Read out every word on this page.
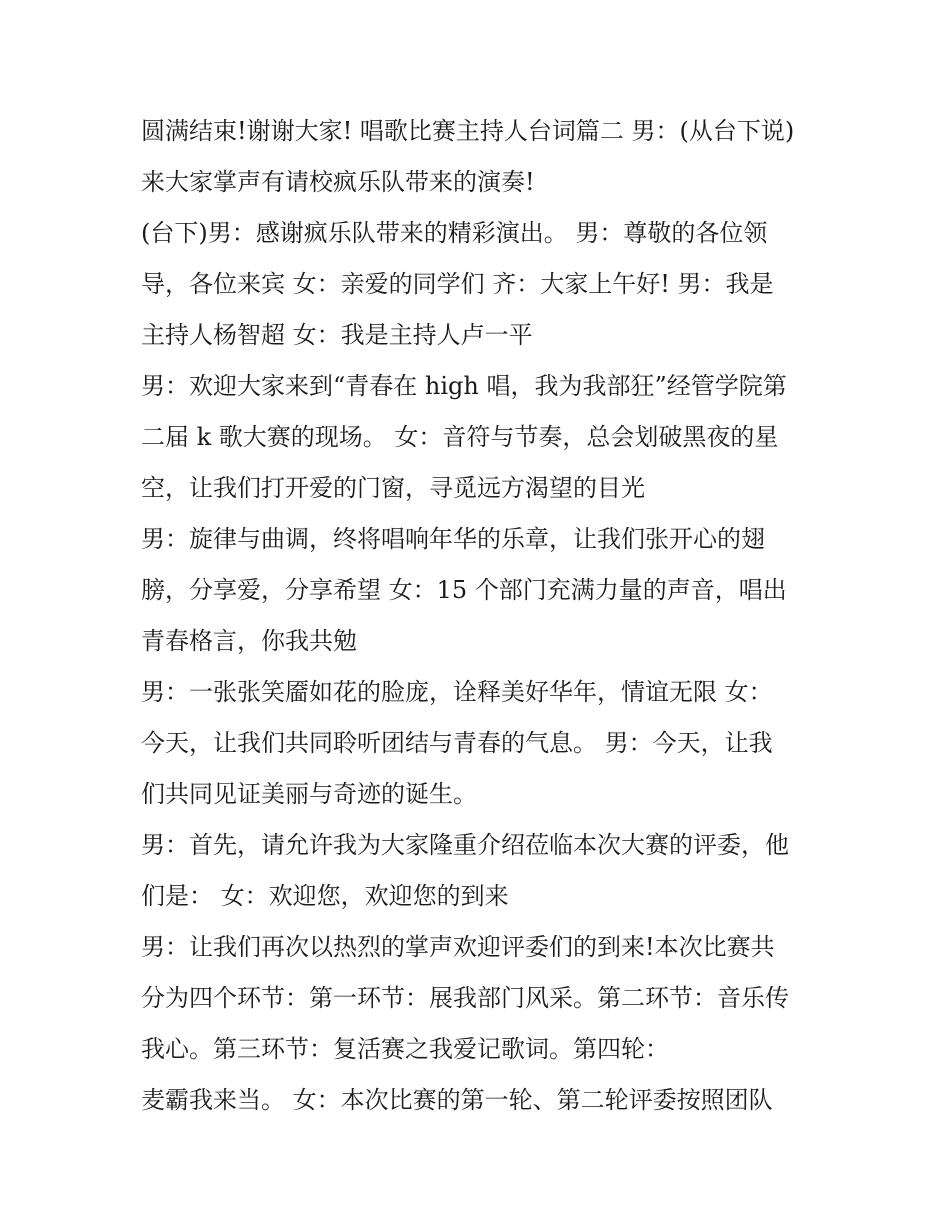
圆满结束!谢谢大家! 唱歌比赛主持人台词篇二 男：(从台下说)
来大家掌声有请校疯乐队带来的演奏!
(台下)男：感谢疯乐队带来的精彩演出。 男：尊敬的各位领
导，各位来宾 女：亲爱的同学们 齐：大家上午好! 男：我是
主持人杨智超 女：我是主持人卢一平
男：欢迎大家来到“青春在 high 唱，我为我部狂”经管学院第
二届 k 歌大赛的现场。 女：音符与节奏，总会划破黑夜的星
空，让我们打开爱的门窗，寻觅远方渴望的目光
男：旋律与曲调，终将唱响年华的乐章，让我们张开心的翅
膀，分享爱，分享希望 女：15 个部门充满力量的声音，唱出
青春格言，你我共勉
男：一张张笑靥如花的脸庞，诠释美好华年，情谊无限 女：
今天，让我们共同聆听团结与青春的气息。 男：今天，让我
们共同见证美丽与奇迹的诞生。
男：首先，请允许我为大家隆重介绍莅临本次大赛的评委，他
们是： 女：欢迎您，欢迎您的到来
男：让我们再次以热烈的掌声欢迎评委们的到来!本次比赛共
分为四个环节：第一环节：展我部门风采。第二环节：音乐传
我心。第三环节：复活赛之我爱记歌词。第四轮：
麦霸我来当。 女：本次比赛的第一轮、第二轮评委按照团队
